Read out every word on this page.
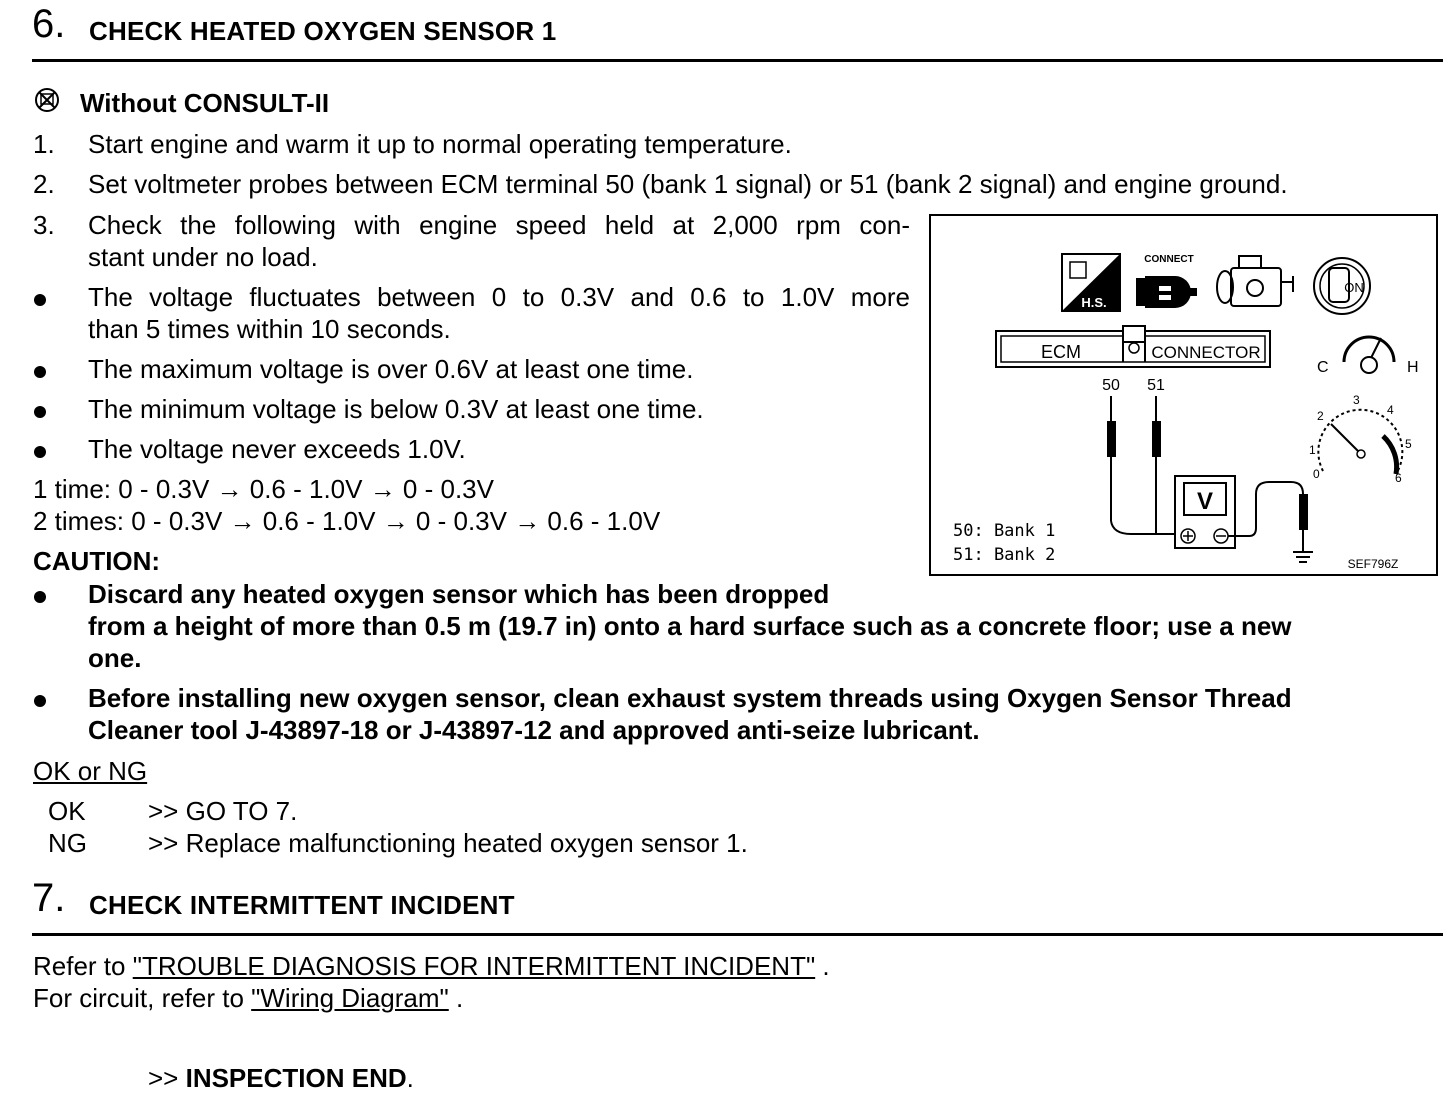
6. CHECK HEATED OXYGEN SENSOR 1
Without CONSULT-II
1. Start engine and warm it up to normal operating temperature.
2. Set voltmeter probes between ECM terminal 50 (bank 1 signal) or 51 (bank 2 signal) and engine ground.
3. Check the following with engine speed held at 2,000 rpm con-
stant under no load.
The voltage fluctuates between 0 to 0.3V and 0.6 to 1.0V more
than 5 times within 10 seconds.
The maximum voltage is over 0.6V at least one time.
The minimum voltage is below 0.3V at least one time.
The voltage never exceeds 1.0V.
1 time: 0 - 0.3V → 0.6 - 1.0V → 0 - 0.3V
2 times: 0 - 0.3V → 0.6 - 1.0V → 0 - 0.3V → 0.6 - 1.0V
CAUTION:
Discard any heated oxygen sensor which has been dropped
from a height of more than 0.5 m (19.7 in) onto a hard surface such as a concrete floor; use a new
one.
Before installing new oxygen sensor, clean exhaust system threads using Oxygen Sensor Thread
Cleaner tool J-43897-18 or J-43897-12 and approved anti-seize lubricant.
OK or NG
OK >> GO TO 7.
NG >> Replace malfunctioning heated oxygen sensor 1.
H.S.
CONNECT
ON
ECM	CONNECTOR
50 51
V
C	H
0
1
2
3
4
5
6
50: Bank 1
51: Bank 2	SEF796Z
7. CHECK INTERMITTENT INCIDENT
Refer to "TROUBLE DIAGNOSIS FOR INTERMITTENT INCIDENT" .
For circuit, refer to "Wiring Diagram" .
>> INSPECTION END.
